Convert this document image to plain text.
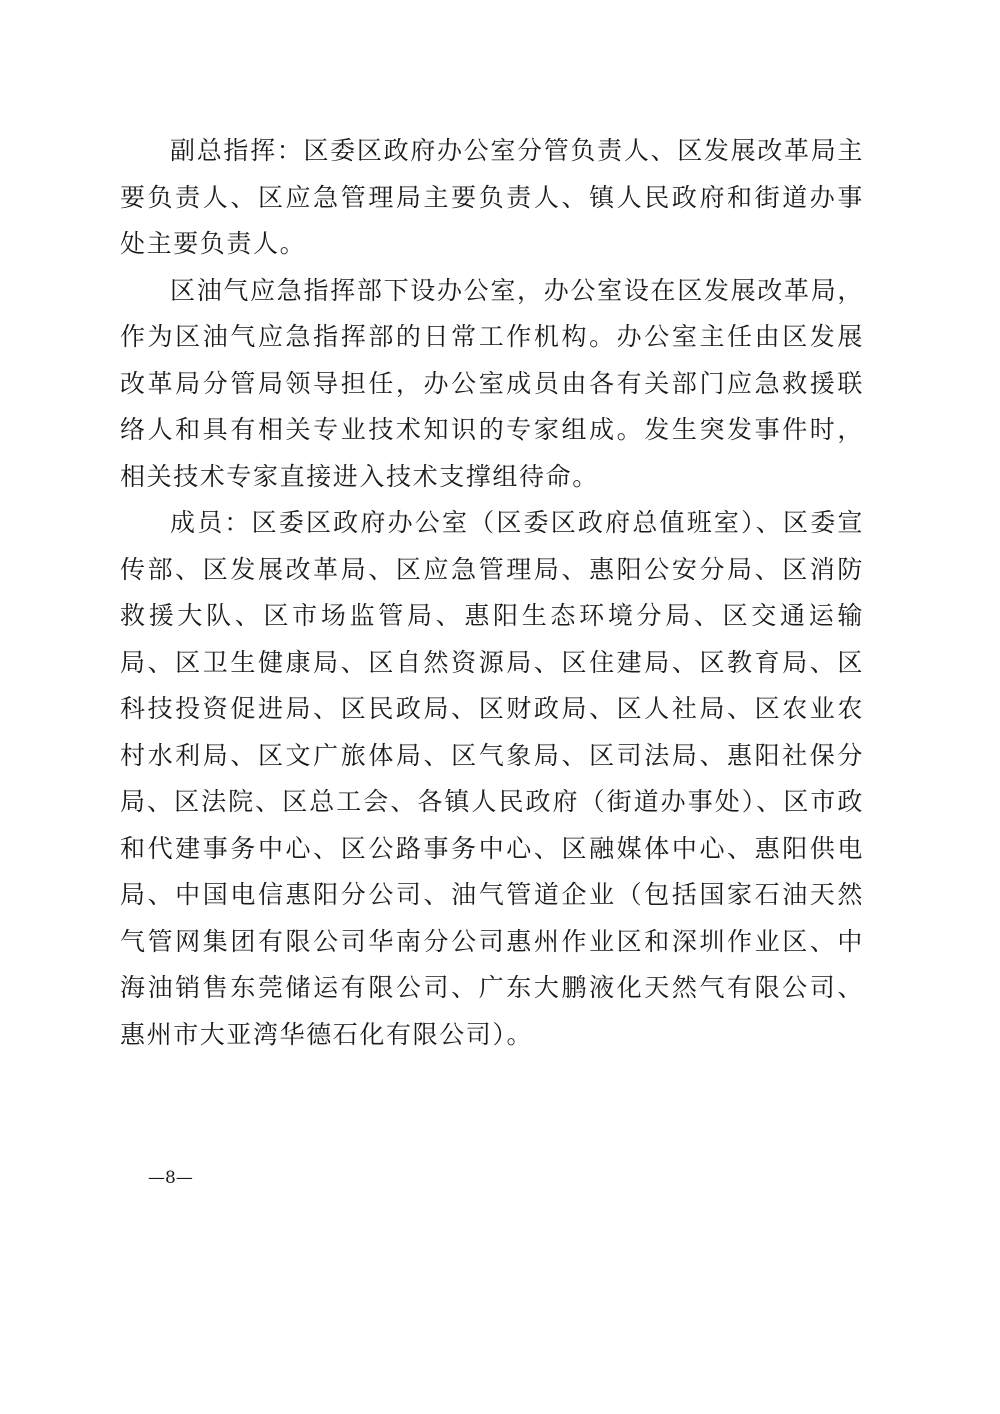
副总指挥：区委区政府办公室分管负责人、区发展改革局主要负责人、区应急管理局主要负责人、镇人民政府和街道办事处主要负责人。

区油气应急指挥部下设办公室，办公室设在区发展改革局，作为区油气应急指挥部的日常工作机构。办公室主任由区发展改革局分管局领导担任，办公室成员由各有关部门应急救援联络人和具有相关专业技术知识的专家组成。发生突发事件时，相关技术专家直接进入技术支撑组待命。

成员：区委区政府办公室（区委区政府总值班室）、区委宣传部、区发展改革局、区应急管理局、惠阳公安分局、区消防救援大队、区市场监管局、惠阳生态环境分局、区交通运输局、区卫生健康局、区自然资源局、区住建局、区教育局、区科技投资促进局、区民政局、区财政局、区人社局、区农业农村水利局、区文广旅体局、区气象局、区司法局、惠阳社保分局、区法院、区总工会、各镇人民政府（街道办事处）、区市政和代建事务中心、区公路事务中心、区融媒体中心、惠阳供电局、中国电信惠阳分公司、油气管道企业（包括国家石油天然气管网集团有限公司华南分公司惠州作业区和深圳作业区、中海油销售东莞储运有限公司、广东大鹏液化天然气有限公司、惠州市大亚湾华德石化有限公司）。

—8—
